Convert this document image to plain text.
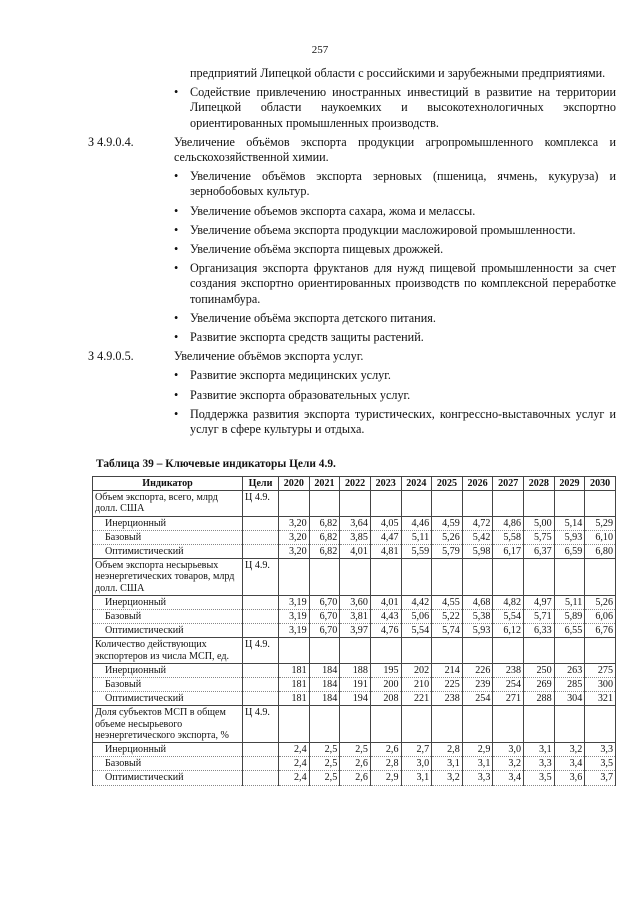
257
предприятий Липецкой области с российскими и зарубежными предприятиями.
• Содействие привлечению иностранных инвестиций в развитие на территории Липецкой области наукоемких и высокотехнологичных экспортно ориентированных промышленных производств.
З 4.9.0.4.	Увеличение объёмов экспорта продукции агропромышленного комплекса и сельскохозяйственной химии.
• Увеличение объёмов экспорта зерновых (пшеница, ячмень, кукуруза) и зернобобовых культур.
• Увеличение объемов экспорта сахара, жома и мелассы.
• Увеличение объема экспорта продукции масложировой промышленности.
• Увеличение объёма экспорта пищевых дрожжей.
• Организация экспорта фруктанов для нужд пищевой промышленности за счет создания экспортно ориентированных производств по комплексной переработке топинамбура.
• Увеличение объёма экспорта детского питания.
• Развитие экспорта средств защиты растений.
З 4.9.0.5.	Увеличение объёмов экспорта услуг.
• Развитие экспорта медицинских услуг.
• Развитие экспорта образовательных услуг.
• Поддержка развития экспорта туристических, конгрессно-выставочных услуг и услуг в сфере культуры и отдыха.
Таблица 39 – Ключевые индикаторы Цели 4.9.
Индикатор	Цели	2020	2021	2022	2023	2024	2025	2026	2027	2028	2029	2030
Объем экспорта, всего, млрд долл. США	Ц 4.9.											
Инерционный		3,20	6,82	3,64	4,05	4,46	4,59	4,72	4,86	5,00	5,14	5,29
Базовый		3,20	6,82	3,85	4,47	5,11	5,26	5,42	5,58	5,75	5,93	6,10
Оптимистический		3,20	6,82	4,01	4,81	5,59	5,79	5,98	6,17	6,37	6,59	6,80
Объем экспорта несырьевых неэнергетических товаров, млрд долл. США	Ц 4.9.											
Инерционный		3,19	6,70	3,60	4,01	4,42	4,55	4,68	4,82	4,97	5,11	5,26
Базовый		3,19	6,70	3,81	4,43	5,06	5,22	5,38	5,54	5,71	5,89	6,06
Оптимистический		3,19	6,70	3,97	4,76	5,54	5,74	5,93	6,12	6,33	6,55	6,76
Количество действующих экспортеров из числа МСП, ед.	Ц 4.9.											
Инерционный		181	184	188	195	202	214	226	238	250	263	275
Базовый		181	184	191	200	210	225	239	254	269	285	300
Оптимистический		181	184	194	208	221	238	254	271	288	304	321
Доля субъектов МСП в общем объеме несырьевого неэнергетического экспорта, %	Ц 4.9.											
Инерционный		2,4	2,5	2,5	2,6	2,7	2,8	2,9	3,0	3,1	3,2	3,3
Базовый		2,4	2,5	2,6	2,8	3,0	3,1	3,1	3,2	3,3	3,4	3,5
Оптимистический		2,4	2,5	2,6	2,9	3,1	3,2	3,3	3,4	3,5	3,6	3,7
